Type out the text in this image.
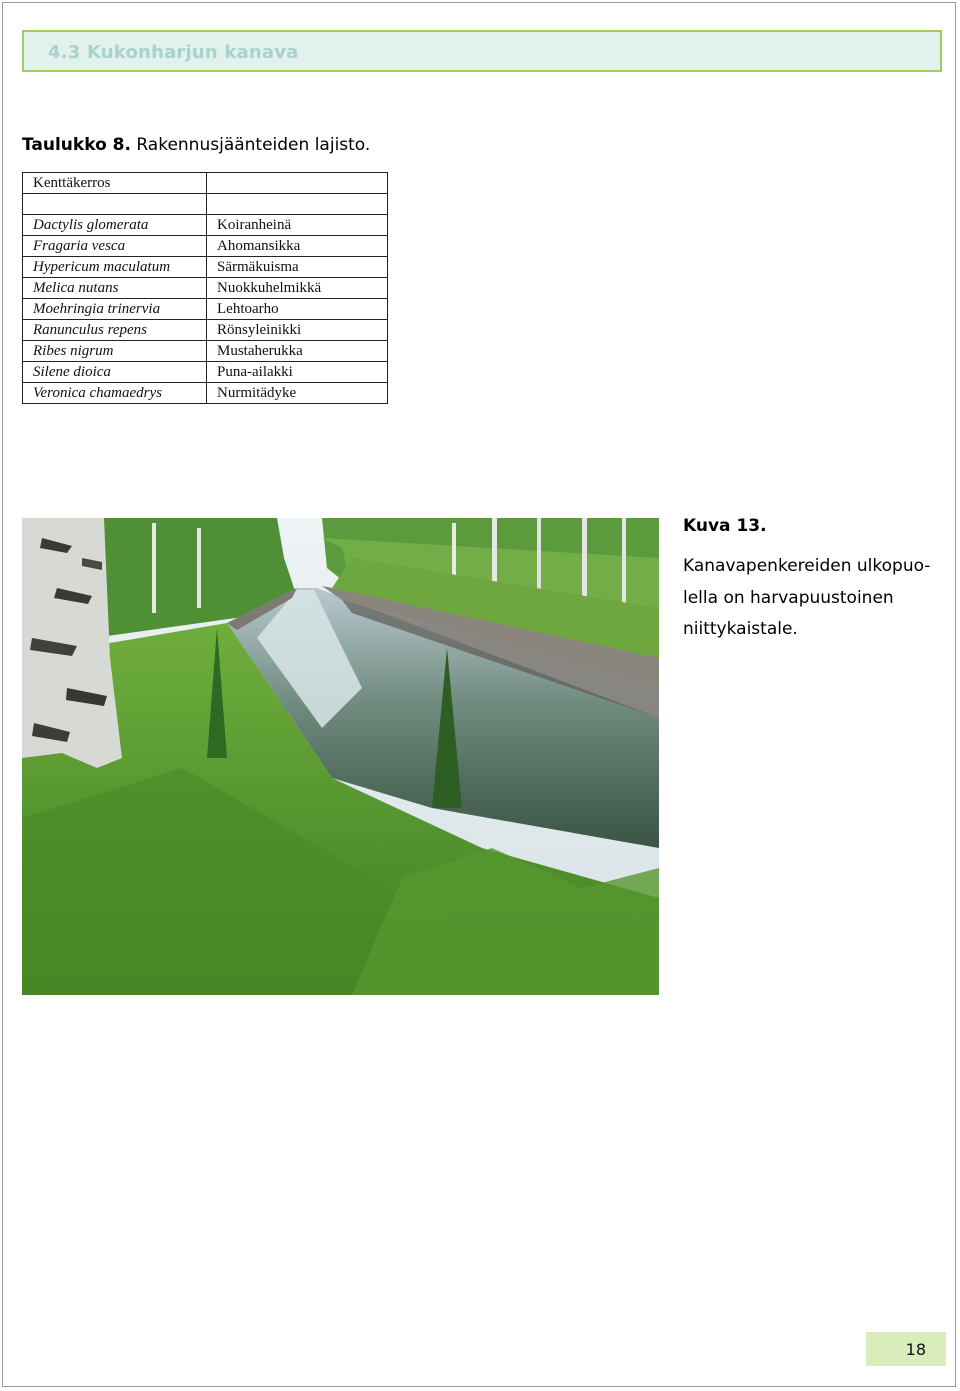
4.3 Kukonharjun kanava
Taulukko 8. Rakennusjäänteiden lajisto.
Kenttäkerros	

Dactylis glomerata	Koiranheinä
Fragaria vesca	Ahomansikka
Hypericum maculatum	Särmäkuisma
Melica nutans	Nuokkuhelmikkä
Moehringia trinervia	Lehtoarho
Ranunculus repens	Rönsyleinikki
Ribes nigrum	Mustaherukka
Silene dioica	Puna-ailakki
Veronica chamaedrys	Nurmitädyke
Kuva 13.
Kanavapenkereiden ulkopuo-
lella on harvapuustoinen
niittykaistale.
18
